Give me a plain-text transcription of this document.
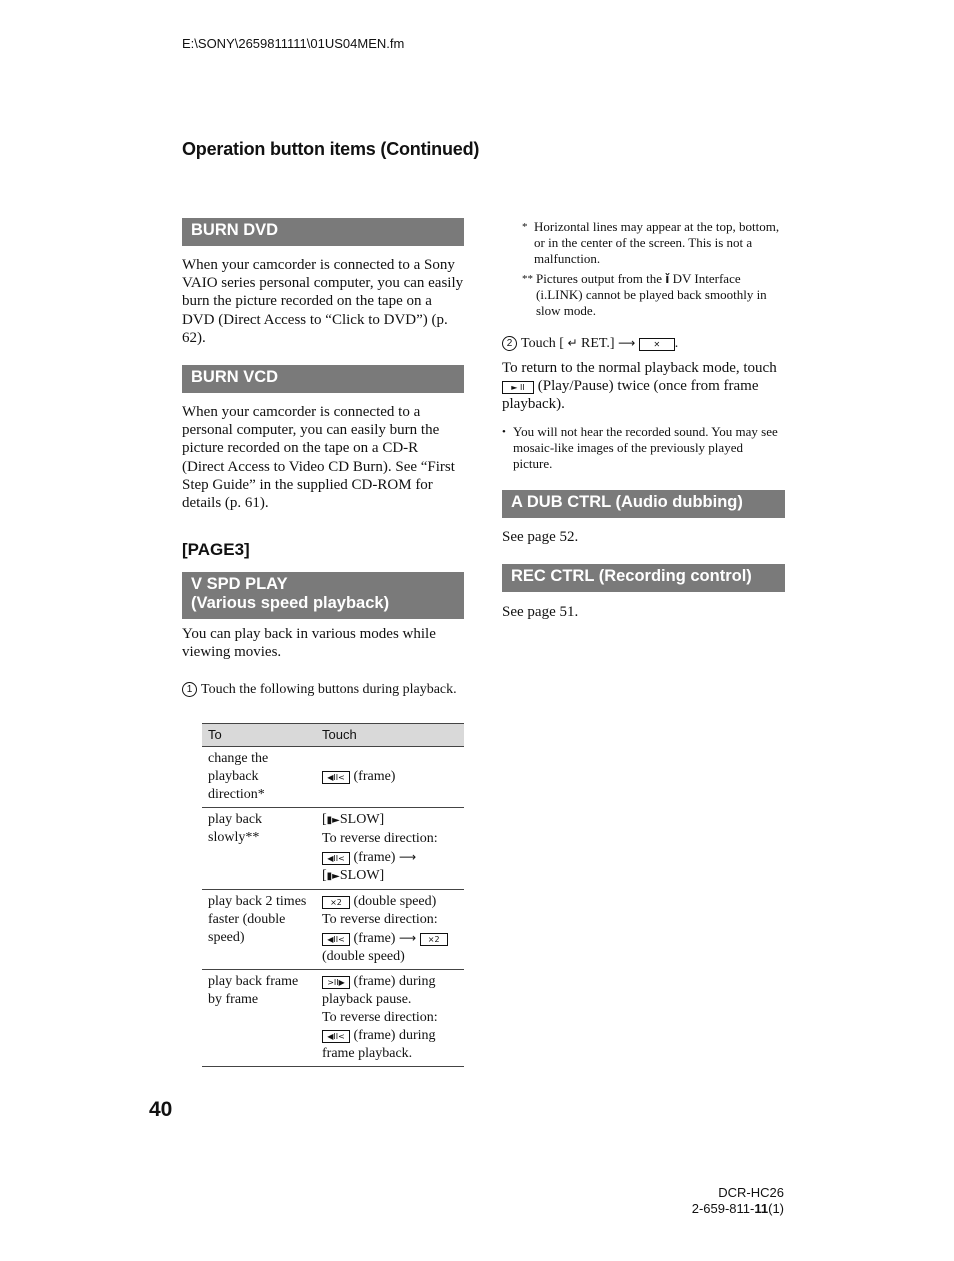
E:\SONY\2659811111\01US04MEN.fm
Operation button items (Continued)
BURN DVD
When your camcorder is connected to a Sony VAIO series personal computer, you can easily burn the picture recorded on the tape on a DVD (Direct Access to “Click to DVD”) (p. 62).
BURN VCD
When your camcorder is connected to a personal computer, you can easily burn the picture recorded on the tape on a CD-R (Direct Access to Video CD Burn). See “First Step Guide” in the supplied CD-ROM for details (p. 61).
[PAGE3]
V SPD PLAY
(Various speed playback)
You can play back in various modes while viewing movies.
1 Touch the following buttons during playback.
To	Touch
change the playback direction*	◀II< (frame)
play back slowly**	[▮►SLOW]
To reverse direction:
◀II< (frame) ⟶
[▮►SLOW]

play back 2 times faster (double speed)	×2 (double speed)
To reverse direction:
◀II< (frame) ⟶ ×2
(double speed)

play back frame by frame	>II▶ (frame) during playback pause.
To reverse direction:
◀II< (frame) during frame playback.
* Horizontal lines may appear at the top, bottom, or in the center of the screen. This is not a malfunction.
** Pictures output from the ǐ DV Interface (i.LINK) cannot be played back smoothly in slow mode.
2 Touch [ ↵ RET.] ⟶ ✕ .
To return to the normal playback mode, touch ► II (Play/Pause) twice (once from frame playback).
• You will not hear the recorded sound. You may see mosaic-like images of the previously played picture.
A DUB CTRL (Audio dubbing)
See page 52.
REC CTRL (Recording control)
See page 51.
40
DCR-HC26
2-659-811-11(1)
